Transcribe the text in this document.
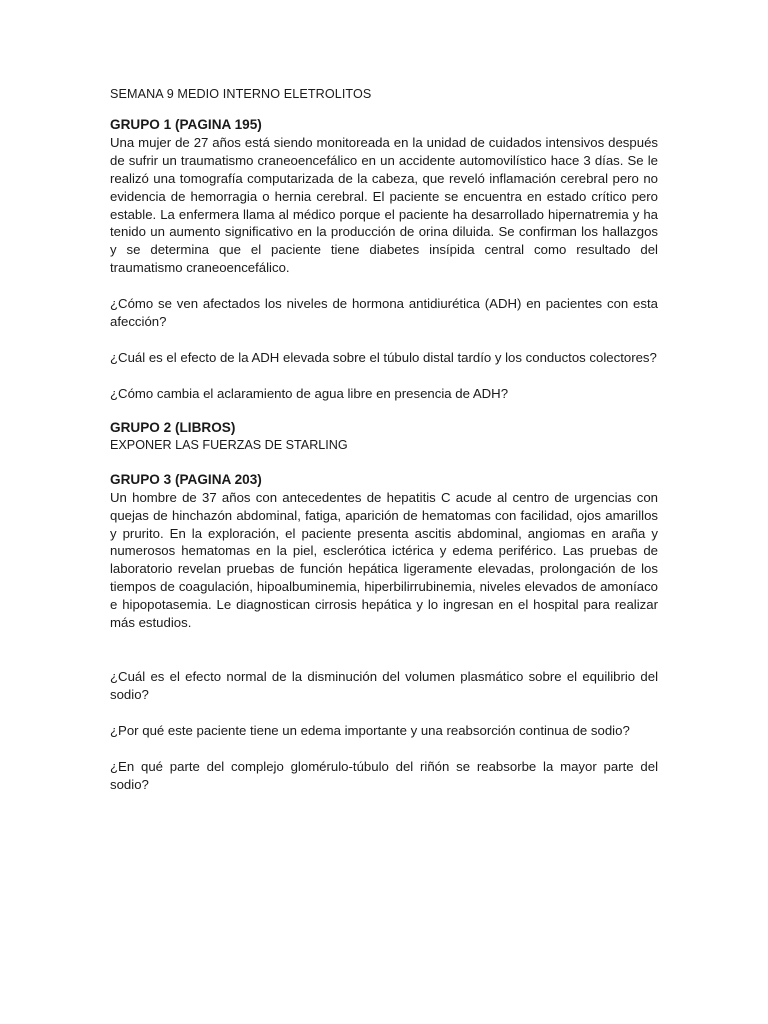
SEMANA 9 MEDIO INTERNO ELETROLITOS

GRUPO 1 (PAGINA 195)

Una mujer de 27 años está siendo monitoreada en la unidad de cuidados intensivos después de sufrir un traumatismo craneoencefálico en un accidente automovilístico hace 3 días. Se le realizó una tomografía computarizada de la cabeza, que reveló inflamación cerebral pero no evidencia de hemorragia o hernia cerebral. El paciente se encuentra en estado crítico pero estable. La enfermera llama al médico porque el paciente ha desarrollado hipernatremia y ha tenido un aumento significativo en la producción de orina diluida. Se confirman los hallazgos y se determina que el paciente tiene diabetes insípida central como resultado del traumatismo craneoencefálico.

¿Cómo se ven afectados los niveles de hormona antidiurética (ADH) en pacientes con esta afección?

¿Cuál es el efecto de la ADH elevada sobre el túbulo distal tardío y los conductos colectores?

¿Cómo cambia el aclaramiento de agua libre en presencia de ADH?

GRUPO 2 (LIBROS)

EXPONER LAS FUERZAS DE STARLING

GRUPO 3 (PAGINA 203)

Un hombre de 37 años con antecedentes de hepatitis C acude al centro de urgencias con quejas de hinchazón abdominal, fatiga, aparición de hematomas con facilidad, ojos amarillos y prurito. En la exploración, el paciente presenta ascitis abdominal, angiomas en araña y numerosos hematomas en la piel, esclerótica ictérica y edema periférico. Las pruebas de laboratorio revelan pruebas de función hepática ligeramente elevadas, prolongación de los tiempos de coagulación, hipoalbuminemia, hiperbilirrubinemia, niveles elevados de amoníaco e hipopotasemia. Le diagnostican cirrosis hepática y lo ingresan en el hospital para realizar más estudios.

¿Cuál es el efecto normal de la disminución del volumen plasmático sobre el equilibrio del sodio?

¿Por qué este paciente tiene un edema importante y una reabsorción continua de sodio?

¿En qué parte del complejo glomérulo-túbulo del riñón se reabsorbe la mayor parte del sodio?
